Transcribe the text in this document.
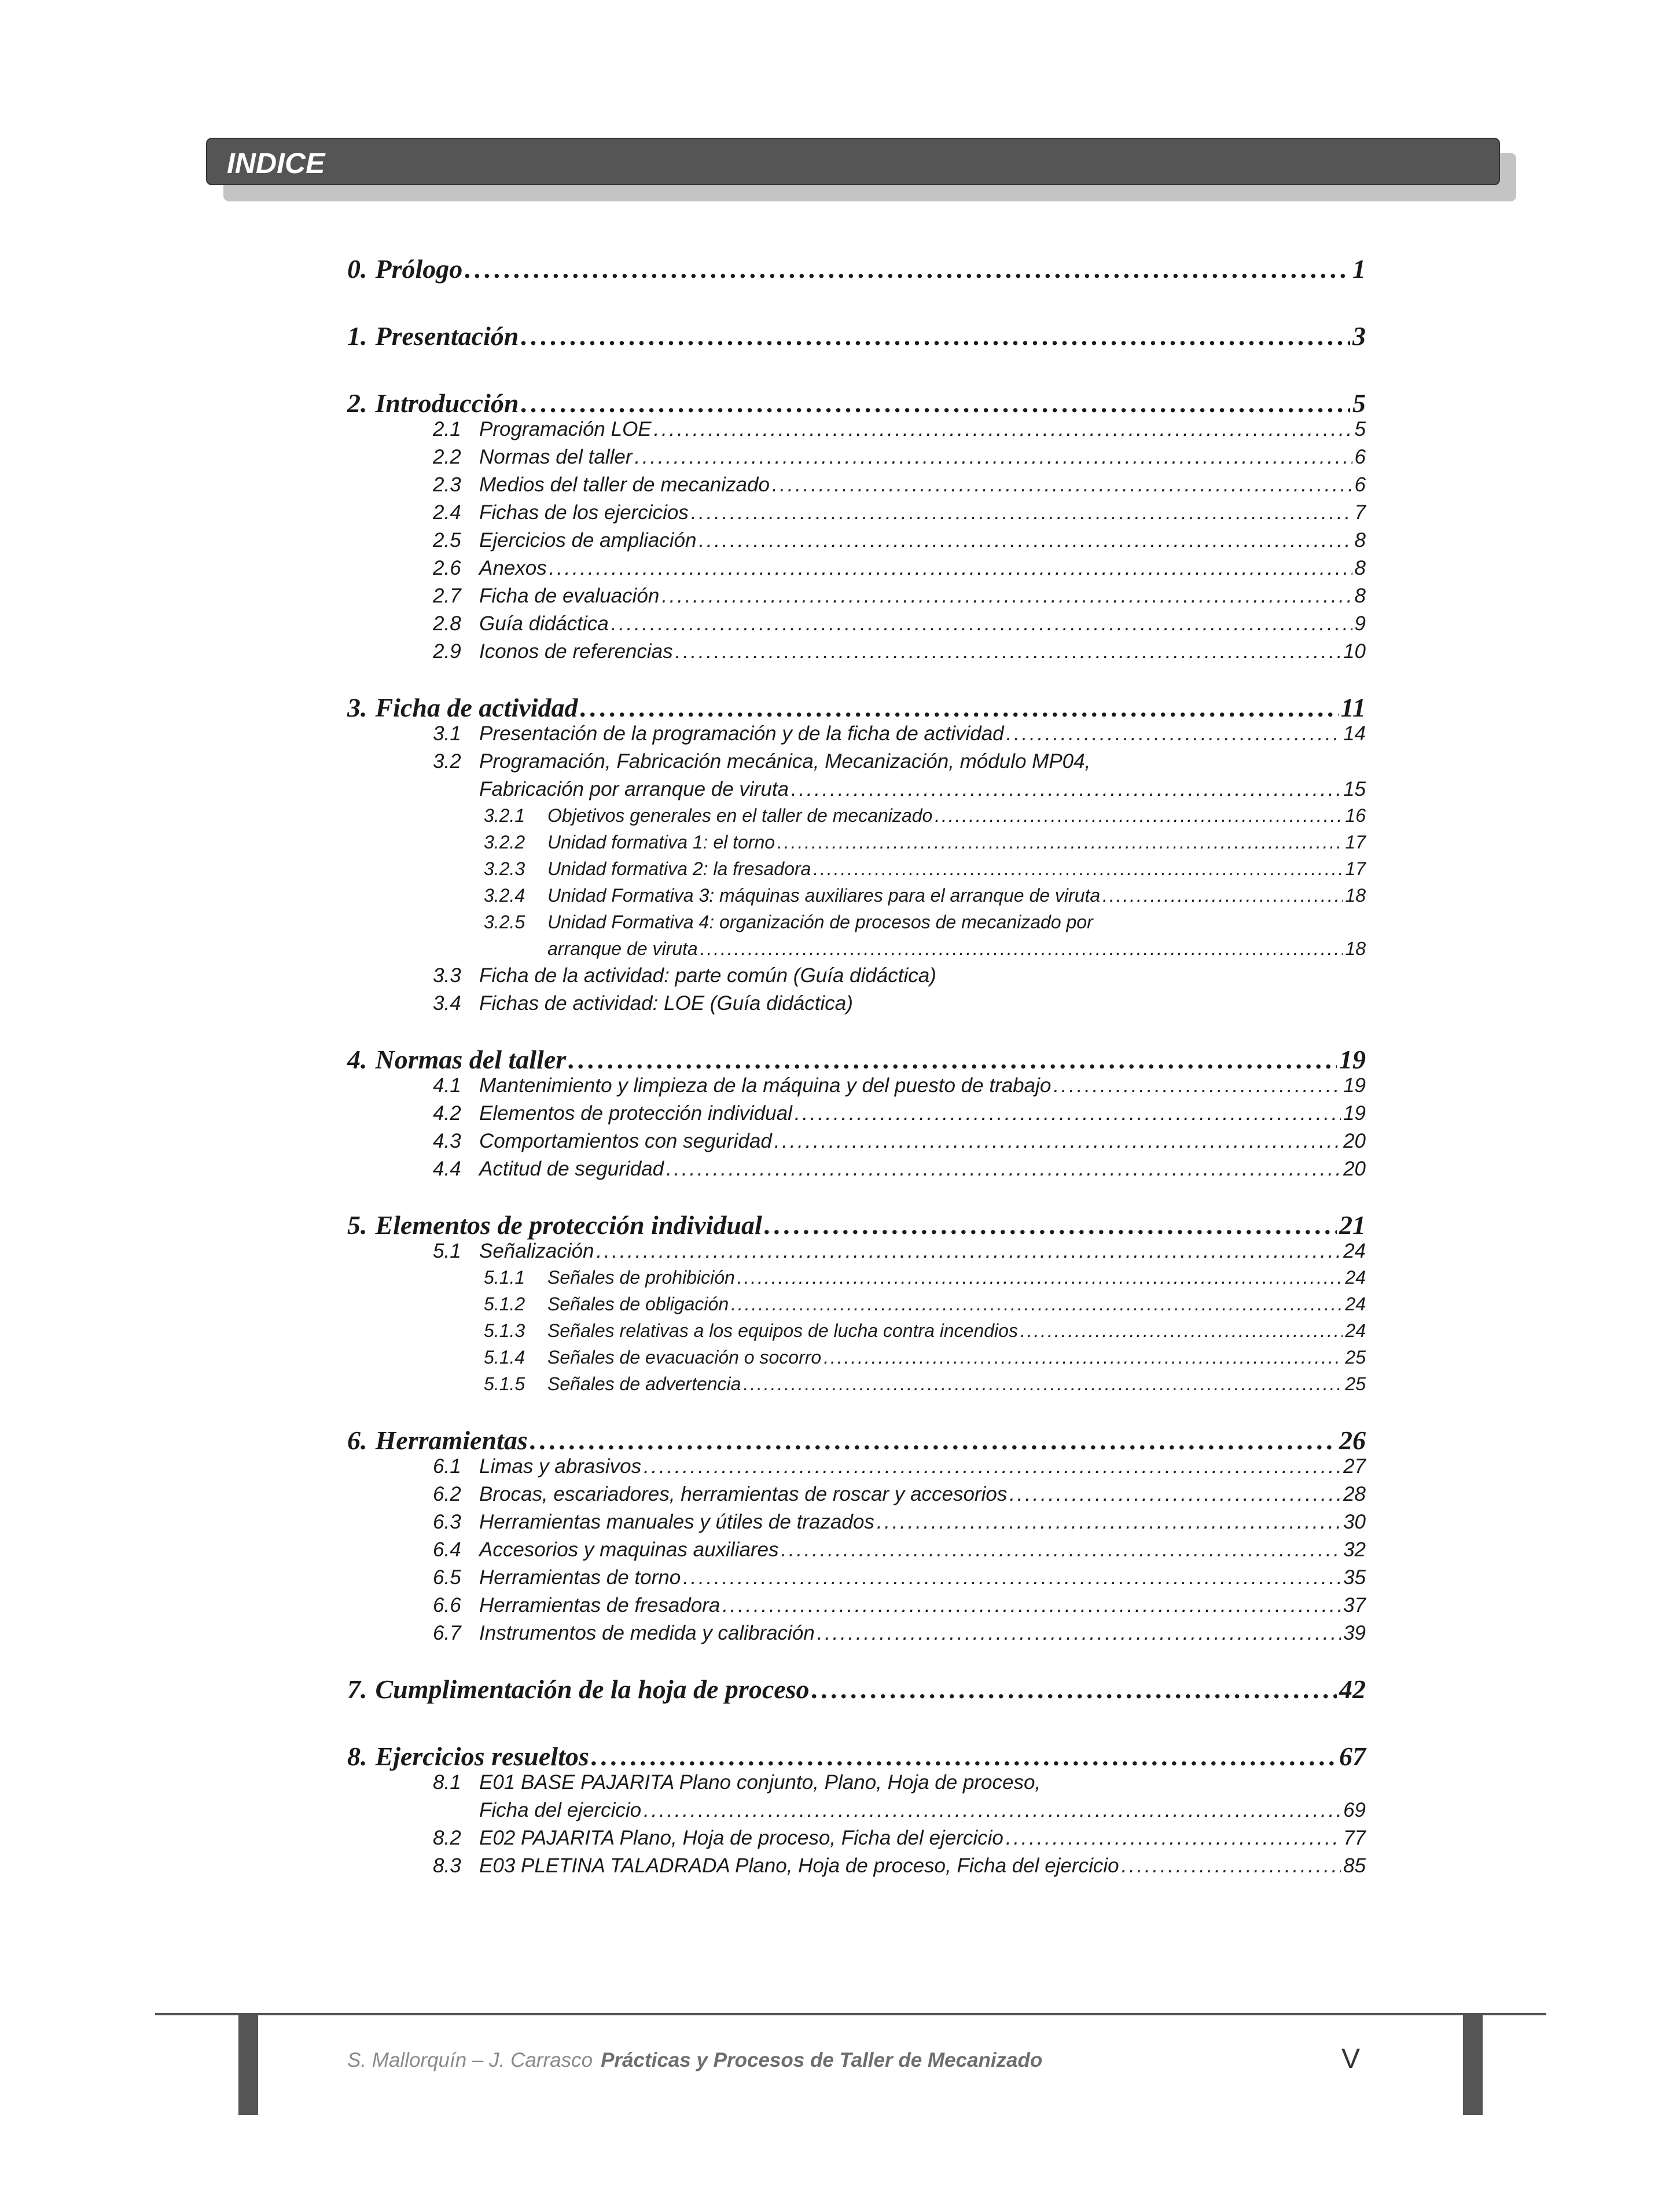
INDICE
0. Prólogo . . .	1
1. Presentación . . .	3
2. Introducción . . .	5
2.1 Programación LOE . . .	5
2.2 Normas del taller . . .	6
2.3 Medios del taller de mecanizado . . .	6
2.4 Fichas de los ejercicios . . .	7
2.5 Ejercicios de ampliación . . .	8
2.6 Anexos . . .	8
2.7 Ficha de evaluación . . .	8
2.8 Guía didáctica . . .	9
2.9 Iconos de referencias . . .	10
3. Ficha de actividad . . .	11
3.1 Presentación de la programación y de la ficha de actividad . . .	14
3.2 Programación, Fabricación mecánica, Mecanización, módulo MP04,
Fabricación por arranque de viruta . . .	15
3.2.1	Objetivos generales en el taller de mecanizado . . .	16
3.2.2	Unidad formativa 1: el torno . . .	17
3.2.3	Unidad formativa 2: la fresadora . . .	17
3.2.4	Unidad Formativa 3: máquinas auxiliares para el arranque de viruta . . .	18
3.2.5	Unidad Formativa 4: organización de procesos de mecanizado por
arranque de viruta . . .	18
3.3 Ficha de la actividad: parte común (Guía didáctica)
3.4 Fichas de actividad: LOE (Guía didáctica)
4. Normas del taller . . .	19
4.1 Mantenimiento y limpieza de la máquina y del puesto de trabajo . . .	19
4.2 Elementos de protección individual . . .	19
4.3 Comportamientos con seguridad . . .	20
4.4 Actitud de seguridad . . .	20
5. Elementos de protección individual . . .	21
5.1 Señalización . . .	24
5.1.1	Señales de prohibición . . .	24
5.1.2	Señales de obligación . . .	24
5.1.3	Señales relativas a los equipos de lucha contra incendios . . .	24
5.1.4	Señales de evacuación o socorro . . .	25
5.1.5	Señales de advertencia . . .	25
6. Herramientas . . .	26
6.1 Limas y abrasivos . . .	27
6.2 Brocas, escariadores, herramientas de roscar y accesorios . . .	28
6.3 Herramientas manuales y útiles de trazados . . .	30
6.4 Accesorios y maquinas auxiliares . . .	32
6.5 Herramientas de torno . . .	35
6.6 Herramientas de fresadora . . .	37
6.7 Instrumentos de medida y calibración . . .	39
7. Cumplimentación de la hoja de proceso . . .	42
8. Ejercicios resueltos . . .	67
8.1 E01 BASE PAJARITA Plano conjunto, Plano, Hoja de proceso,
Ficha del ejercicio . . .	69
8.2 E02 PAJARITA Plano, Hoja de proceso, Ficha del ejercicio . . .	77
8.3 E03 PLETINA TALADRADA Plano, Hoja de proceso, Ficha del ejercicio . . .	85
S. Mallorquín – J. Carrasco Prácticas y Procesos de Taller de Mecanizado	V
